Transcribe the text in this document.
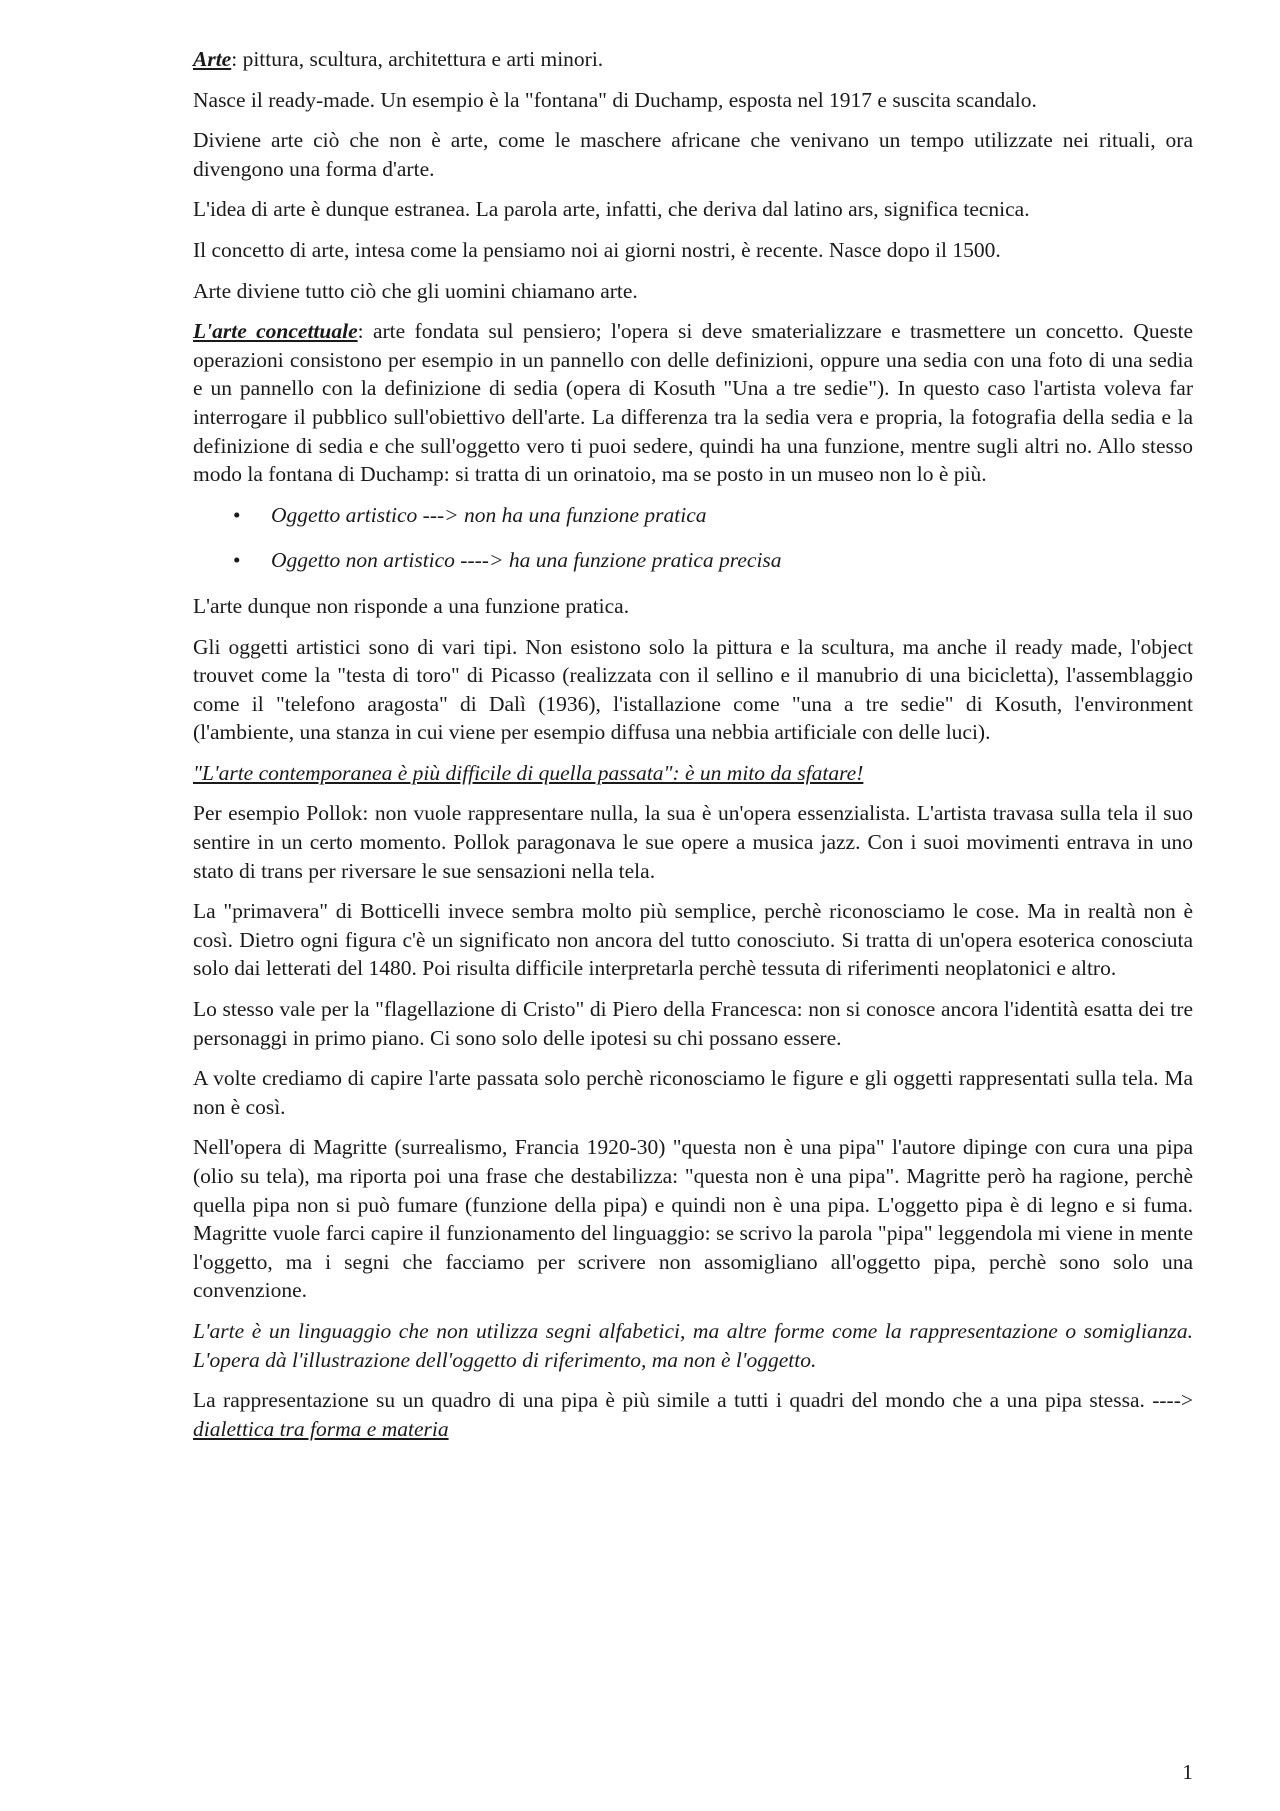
Arte: pittura, scultura, architettura e arti minori.

Nasce il ready-made. Un esempio è la "fontana" di Duchamp, esposta nel 1917 e suscita scandalo.

Diviene arte ciò che non è arte, come le maschere africane che venivano un tempo utilizzate nei rituali, ora divengono una forma d'arte.

L'idea di arte è dunque estranea. La parola arte, infatti, che deriva dal latino ars, significa tecnica.

Il concetto di arte, intesa come la pensiamo noi ai giorni nostri, è recente. Nasce dopo il 1500.

Arte diviene tutto ciò che gli uomini chiamano arte.

L'arte concettuale: arte fondata sul pensiero; l'opera si deve smaterializzare e trasmettere un concetto. Queste operazioni consistono per esempio in un pannello con delle definizioni, oppure una sedia con una foto di una sedia e un pannello con la definizione di sedia (opera di Kosuth "Una a tre sedie"). In questo caso l'artista voleva far interrogare il pubblico sull'obiettivo dell'arte. La differenza tra la sedia vera e propria, la fotografia della sedia e la definizione di sedia e che sull'oggetto vero ti puoi sedere, quindi ha una funzione, mentre sugli altri no. Allo stesso modo la fontana di Duchamp: si tratta di un orinatoio, ma se posto in un museo non lo è più.

• Oggetto artistico ---> non ha una funzione pratica
• Oggetto non artistico ----> ha una funzione pratica precisa

L'arte dunque non risponde a una funzione pratica.

Gli oggetti artistici sono di vari tipi. Non esistono solo la pittura e la scultura, ma anche il ready made, l'object trouvet come la "testa di toro" di Picasso (realizzata con il sellino e il manubrio di una bicicletta), l'assemblaggio come il "telefono aragosta" di Dalì (1936), l'istallazione come "una a tre sedie" di Kosuth, l'environment (l'ambiente, una stanza in cui viene per esempio diffusa una nebbia artificiale con delle luci).

"L'arte contemporanea è più difficile di quella passata": è un mito da sfatare!

Per esempio Pollok: non vuole rappresentare nulla, la sua è un'opera essenzialista. L'artista travasa sulla tela il suo sentire in un certo momento. Pollok paragonava le sue opere a musica jazz. Con i suoi movimenti entrava in uno stato di trans per riversare le sue sensazioni nella tela.

La "primavera" di Botticelli invece sembra molto più semplice, perchè riconosciamo le cose. Ma in realtà non è così. Dietro ogni figura c'è un significato non ancora del tutto conosciuto. Si tratta di un'opera esoterica conosciuta solo dai letterati del 1480. Poi risulta difficile interpretarla perchè tessuta di riferimenti neoplatonici e altro.

Lo stesso vale per la "flagellazione di Cristo" di Piero della Francesca: non si conosce ancora l'identità esatta dei tre personaggi in primo piano. Ci sono solo delle ipotesi su chi possano essere.

A volte crediamo di capire l'arte passata solo perchè riconosciamo le figure e gli oggetti rappresentati sulla tela. Ma non è così.

Nell'opera di Magritte (surrealismo, Francia 1920-30) "questa non è una pipa" l'autore dipinge con cura una pipa (olio su tela), ma riporta poi una frase che destabilizza: "questa non è una pipa". Magritte però ha ragione, perchè quella pipa non si può fumare (funzione della pipa) e quindi non è una pipa. L'oggetto pipa è di legno e si fuma. Magritte vuole farci capire il funzionamento del linguaggio: se scrivo la parola "pipa" leggendola mi viene in mente l'oggetto, ma i segni che facciamo per scrivere non assomigliano all'oggetto pipa, perchè sono solo una convenzione.

L'arte è un linguaggio che non utilizza segni alfabetici, ma altre forme come la rappresentazione o somiglianza. L'opera dà l'illustrazione dell'oggetto di riferimento, ma non è l'oggetto.

La rappresentazione su un quadro di una pipa è più simile a tutti i quadri del mondo che a una pipa stessa. ----> dialettica tra forma e materia

1
